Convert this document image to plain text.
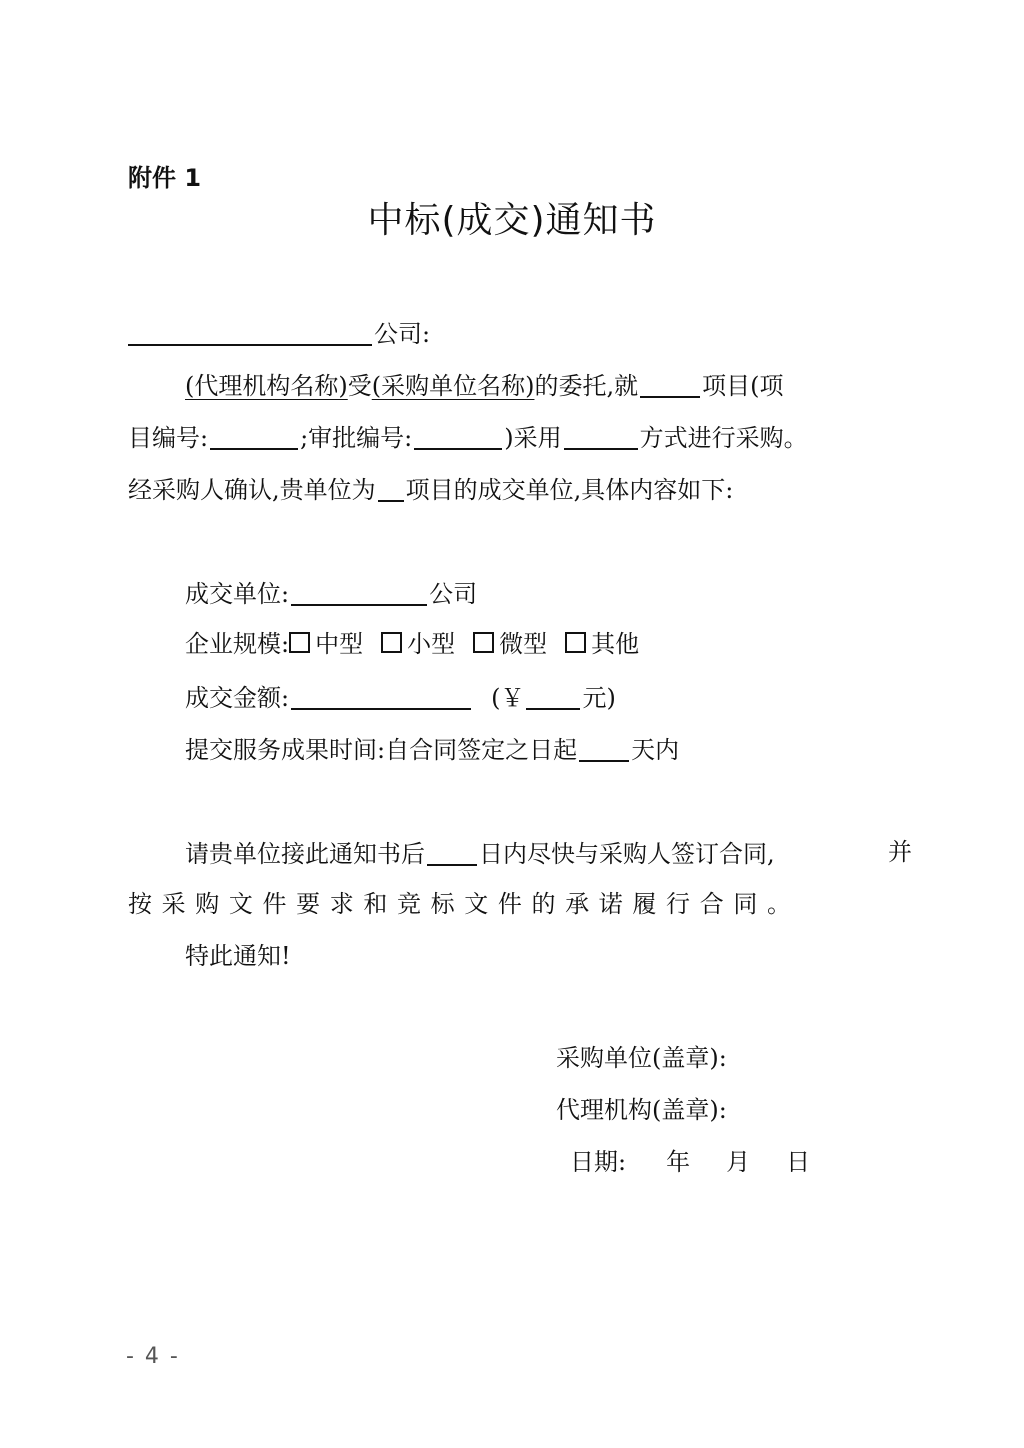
附件 1
中标(成交)通知书
公司:
(代理机构名称)受(采购单位名称)的委托,就	项目(项
目编号:	;审批编号:	)采用	方式进行采购。
经采购人确认,贵单位为 项目的成交单位,具体内容如下:
成交单位:	公司
企业规模: 中型 小型 微型 其他
成交金额:	(￥ 元)
提交服务成果时间:自合同签定之日起 天内
请贵单位接此通知书后 日内尽快与采购人签订合同,	并
按 采 购 文 件 要 求 和 竞 标 文 件 的 承 诺 履 行 合 同 。
特此通知!
采购单位(盖章):
代理机构(盖章):
日期: 年 月 日
- 4 -
